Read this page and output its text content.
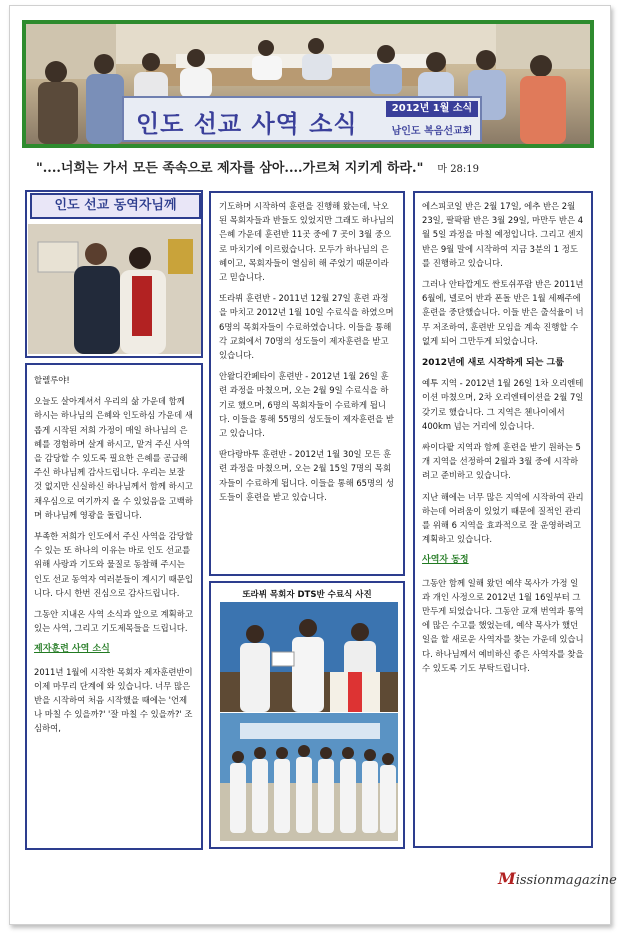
인도 선교 사역 소식
2012년 1월 소식
남인도 복음선교회
"....너희는 가서 모든 족속으로 제자를 삼아....가르쳐 지키게 하라." 마 28:19
인도 선교 동역자님께

할렐루야!

오늘도 살아계셔서 우리의 삶 가운데 함께 하시는 하나님의 은혜와 인도하심 가운데 새롭게 시작된 저희 가정이 매일 하나님의 은혜를 경험하며 살게 하시고, 맡겨 주신 사역을 감당할 수 있도록 필요한 은혜를 공급해 주신 하나님께 감사드립니다. 우리는 보잘 것 없지만 신실하신 하나님께서 함께 하시고 채우심으로 여기까지 올 수 있었음을 고백하며 하나님께 영광을 돌립니다.

부족한 저희가 인도에서 주신 사역을 감당할 수 있는 또 하나의 이유는 바로 인도 선교를 위해 사랑과 기도와 물질로 동참해 주시는 인도 선교 동역자 여러분들이 계시기 때문입니다. 다시 한번 진심으로 감사드립니다.

그동안 지내온 사역 소식과 앞으로 계획하고 있는 사역, 그리고 기도제목들을 드립니다.

제자훈련 사역 소식

2011년 1월에 시작한 목회자 제자훈련반이 이제 마무리 단계에 와 있습니다. 너무 많은 반을 시작하여 처음 시작했을 때에는 '언제나 마칠 수 있을까?' '잘 마칠 수 있을까?' 조심하여,

기도하며 시작하여 훈련을 진행해 왔는데, 낙오된 목회자들과 반들도 있었지만 그래도 하나님의 은혜 가운데 훈련반 11곳 중에 7 곳이 3월 중으로 마치기에 이르렀습니다. 모두가 하나님의 은혜이고, 목회자들이 열심히 해 주었기 때문이라고 믿습니다.

또라뷔 훈련반 - 2011년 12월 27일 훈련 과정을 마치고 2012년 1월 10일 수료식을 하였으며 6명의 목회자들이 수료하였습니다. 이들을 통해 각 교회에서 70명의 성도들이 제자훈련을 받고 있습니다.

안왈디칸페타이 훈련반 - 2012년 1월 26일 훈련 과정을 마쳤으며, 오는 2월 9일 수료식을 하기로 했으며, 6명의 목회자들이 수료하게 됩니다. 이들을 통해 55명의 성도들이 제자훈련을 받고 있습니다.

딴다랑바투 훈련반 - 2012년 1월 30일 모든 훈련 과정을 마쳤으며, 오는 2월 15일 7명의 목회자들이 수료하게 됩니다. 이들을 통해 65명의 성도들이 훈련을 받고 있습니다.

또라뷔 목회자 DTS반 수료식 사진

에스피코일 반은 2월 17일, 에추 반은 2월 23일, 팔팍팜 반은 3월 29일, 마만두 반은 4월 5일 과정을 마칠 예정입니다. 그리고 센지 반은 9월 말에 시작하여 지금 3분의 1 정도를 진행하고 있습니다.

그러나 안타깝게도 싼토쉬푸람 반은 2011년 6월에, 넬로어 반과 폰돌 반은 1월 세째주에 훈련을 중단했습니다. 이들 반은 출석율이 너무 저조하여, 훈련반 모임을 계속 진행할 수 없게 되어 그만두게 되었습니다.

2012년에 새로 시작하게 되는 그룹

예투 지역 - 2012년 1월 26일 1차 오리엔테이션 마쳤으며, 2차 오리엔테이션을 2월 7일 갖기로 했습니다. 그 지역은 첸나이에서 400km 넘는 거리에 있습니다.

싸이다팥 지역과 함께 훈련을 받기 원하는 5개 지역을 선정하여 2월과 3월 중에 시작하려고 준비하고 있습니다.

지난 해에는 너무 많은 지역에 시작하여 관리하는데 어려움이 있었기 때문에 질적인 관리를 위해 6 지역을 효과적으로 잘 운영하려고 계획하고 있습니다.

사역자 동정

그동안 함께 일해 왔던 예샥 목사가 가정 일과 개인 사정으로 2012년 1월 16일부터 그만두게 되었습니다. 그동안 교재 번역과 통역에 많은 수고를 했었는데, 예샥 목사가 했던 일을 할 새로운 사역자를 찾는 가운데 있습니다. 하나님께서 예비하신 좋은 사역자를 찾을 수 있도록 기도 부탁드립니다.

Missionmagazine
